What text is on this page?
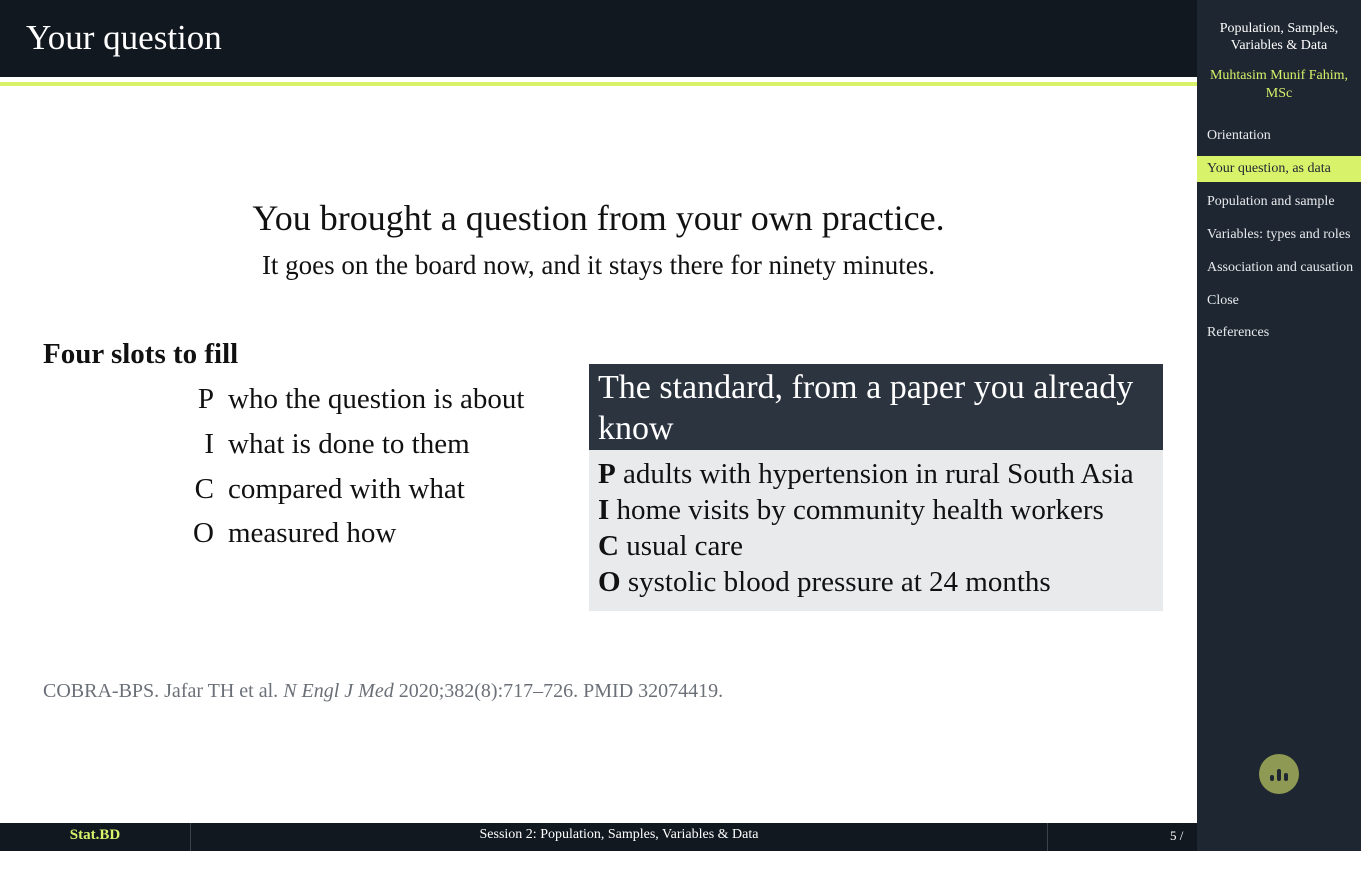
Your question
You brought a question from your own practice.
It goes on the board now, and it stays there for ninety minutes.
Four slots to fill
P who the question is about
I what is done to them
C compared with what
O measured how
The standard, from a paper you already know
P adults with hypertension in rural South Asia
I home visits by community health workers
C usual care
O systolic blood pressure at 24 months
COBRA-BPS. Jafar TH et al. N Engl J Med 2020;382(8):717–726. PMID 32074419.
Stat.BD	Session 2: Population, Samples, Variables & Data	5 / 43
Population, Samples, Variables & Data
Muhtasim Munif Fahim, MSc
Orientation
Your question, as data
Population and sample
Variables: types and roles
Association and causation
Close
References
